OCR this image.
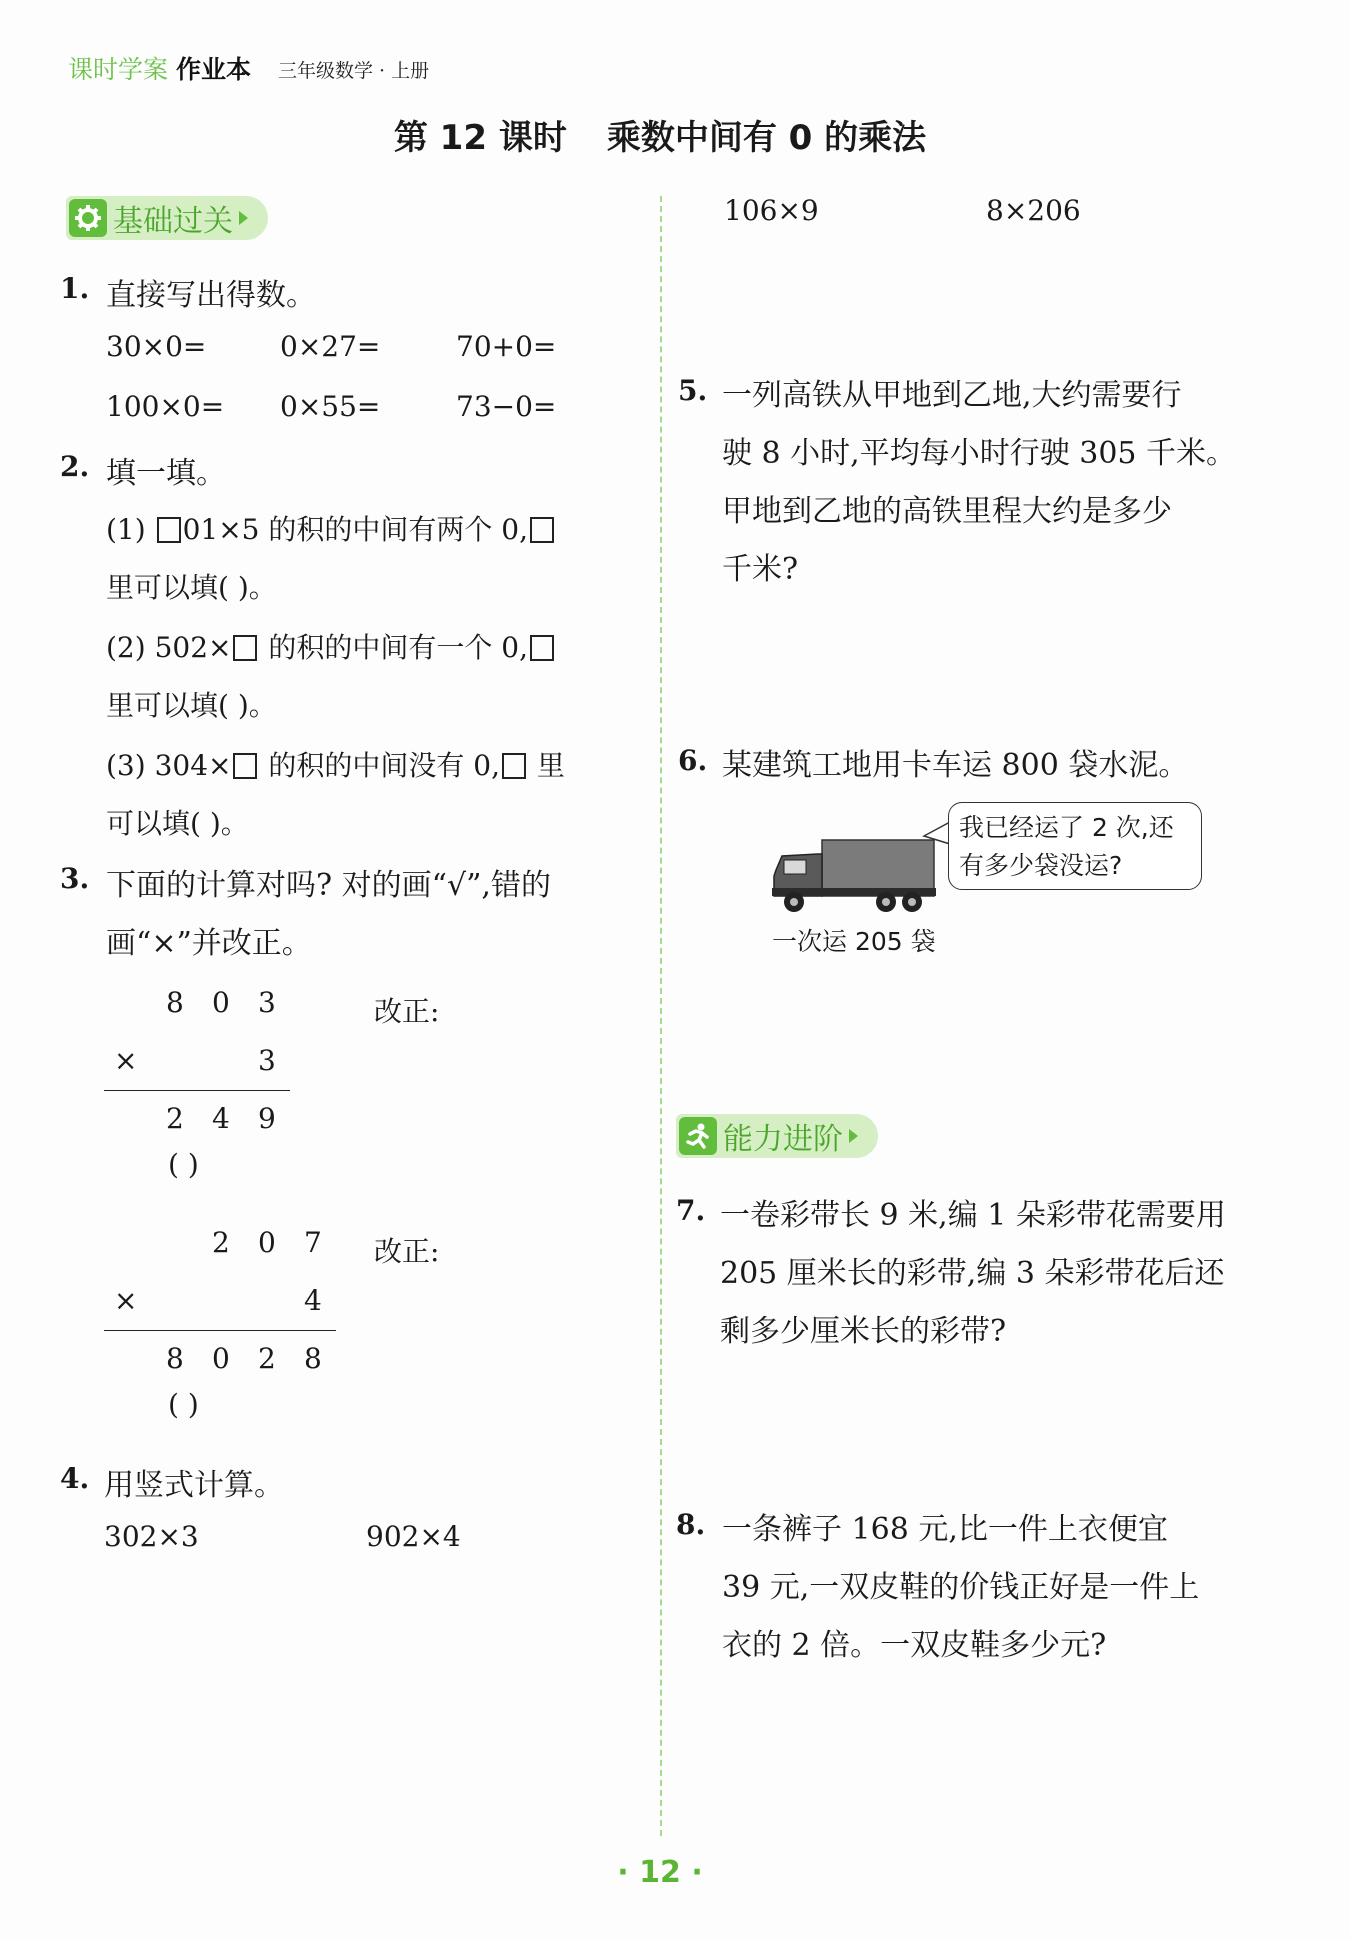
课时学案 作业本 三年级数学 · 上册
第 12 课时 乘数中间有 0 的乘法
基础过关
1. 直接写出得数。
30×0=	0×27=	70+0=
100×0= 0×55=	73−0=
2. 填一填。
(1) 01×5 的积的中间有两个 0,
里可以填( )。
(2) 502× 的积的中间有一个 0,
里可以填( )。
(3) 304× 的积的中间没有 0, 里
可以填( )。
3. 下面的计算对吗? 对的画“√”,错的
画“×”并改正。
8 0 3
×	3
2 4 9
( )
改正:
2 0 7
×	4
8 0 2 8
( )
改正:
4. 用竖式计算。
302×3	902×4
106×9	8×206
5. 一列高铁从甲地到乙地,大约需要行
驶 8 小时,平均每小时行驶 305 千米。
甲地到乙地的高铁里程大约是多少
千米?
6. 某建筑工地用卡车运 800 袋水泥。
我已经运了 2 次,还
有多少袋没运?
一次运 205 袋
能力进阶
7. 一卷彩带长 9 米,编 1 朵彩带花需要用
205 厘米长的彩带,编 3 朵彩带花后还
剩多少厘米长的彩带?
8. 一条裤子 168 元,比一件上衣便宜
39 元,一双皮鞋的价钱正好是一件上
衣的 2 倍。一双皮鞋多少元?
· 12 ·
